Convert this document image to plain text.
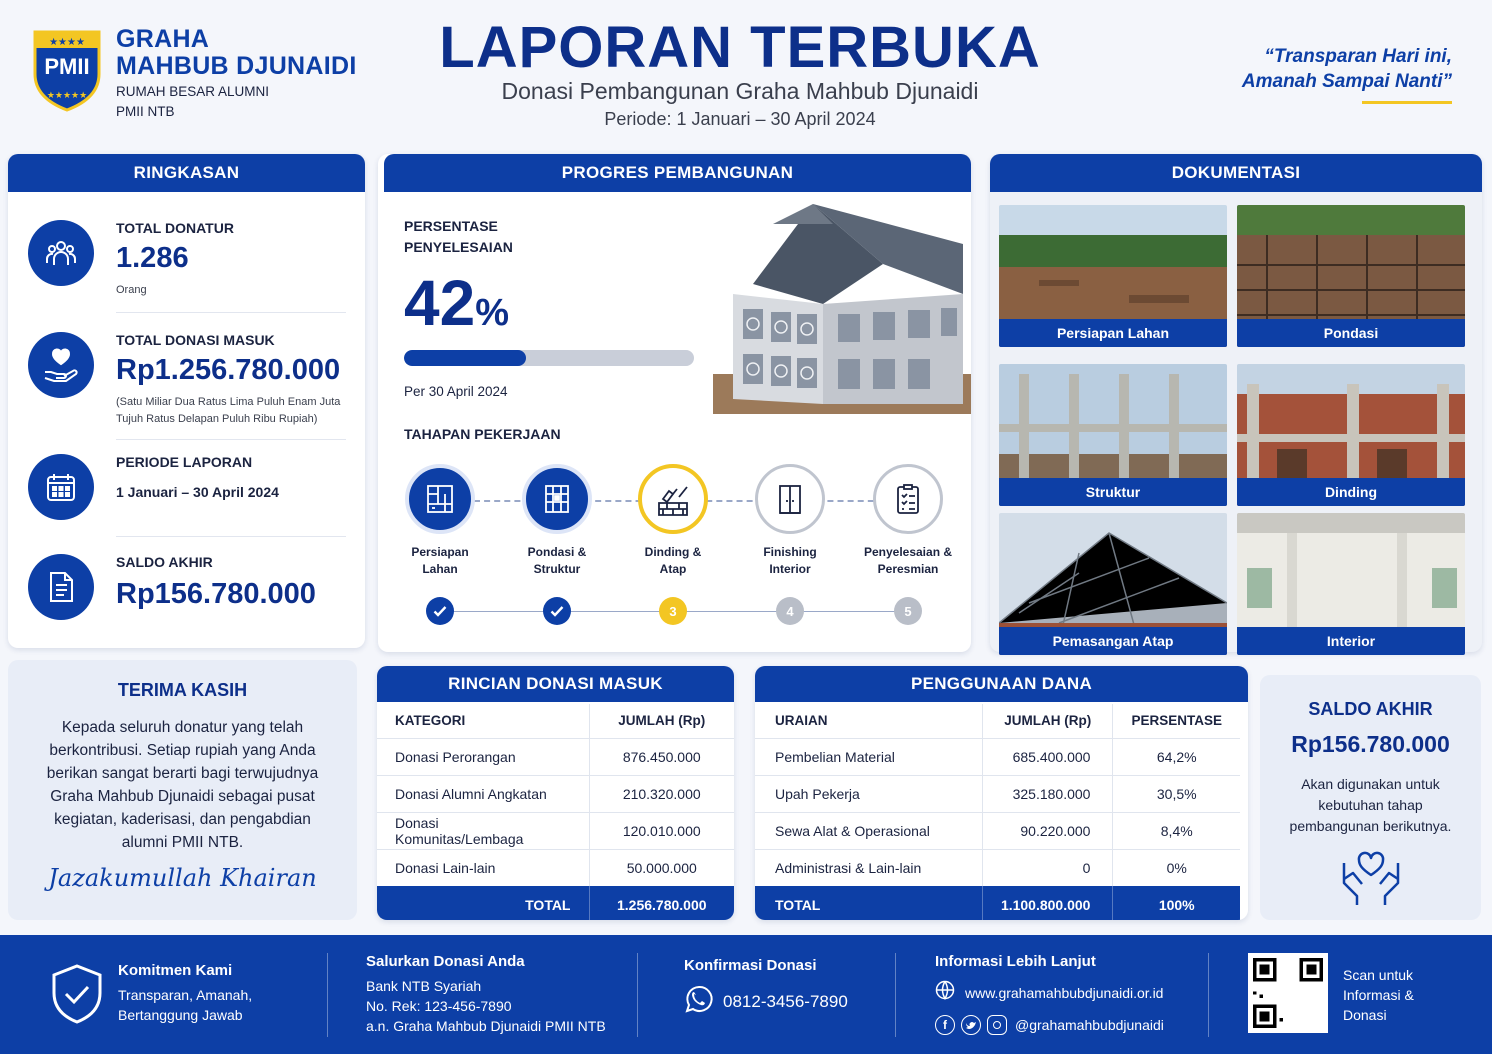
★★★★
★★★★★
PMII
GRAHA
MAHBUB DJUNAIDI
RUMAH BESAR ALUMNI
PMII NTB
LAPORAN TERBUKA
Donasi Pembangunan Graha Mahbub Djunaidi
Periode: 1 Januari – 30 April 2024
“Transparan Hari ini,
Amanah Sampai Nanti”
RINGKASAN
TOTAL DONATUR
1.286
Orang
TOTAL DONASI MASUK
Rp1.256.780.000
(Satu Miliar Dua Ratus Lima Puluh Enam Juta Tujuh Ratus Delapan Puluh Ribu Rupiah)
PERIODE LAPORAN
1 Januari – 30 April 2024
SALDO AKHIR
Rp156.780.000
PROGRES PEMBANGUNAN
PERSENTASE
PENYELESAIAN
42%
Per 30 April 2024
TAHAPAN PEKERJAAN
Persiapan
Lahan
Pondasi &
Struktur
Dinding &
Atap
3
Finishing
Interior
4
Penyelesaian &
Peresmian
5
DOKUMENTASI
Persiapan Lahan	Pondasi
Struktur	Dinding
Pemasangan Atap	Interior
TERIMA KASIH
Kepada seluruh donatur yang telah berkontribusi. Setiap rupiah yang Anda berikan sangat berarti bagi terwujudnya Graha Mahbub Djunaidi sebagai pusat kegiatan, kaderisasi, dan pengabdian alumni PMII NTB.
Jazakumullah Khairan
RINCIAN DONASI MASUK
KATEGORI	JUMLAH (Rp)
Donasi Perorangan	876.450.000
Donasi Alumni Angkatan	210.320.000
Donasi Komunitas/Lembaga	120.010.000
Donasi Lain-lain	50.000.000
TOTAL	1.256.780.000
PENGGUNAAN DANA
URAIAN	JUMLAH (Rp)	PERSENTASE
Pembelian Material	685.400.000	64,2%
Upah Pekerja	325.180.000	30,5%
Sewa Alat & Operasional	90.220.000	8,4%
Administrasi & Lain-lain	0	0%
TOTAL	1.100.800.000	100%
SALDO AKHIR
Rp156.780.000
Akan digunakan untuk kebutuhan tahap pembangunan berikutnya.
Komitmen Kami
Transparan, Amanah,
Bertanggung Jawab
Salurkan Donasi Anda
Bank NTB Syariah
No. Rek: 123-456-7890
a.n. Graha Mahbub Djunaidi PMII NTB
Konfirmasi Donasi
0812-3456-7890
Informasi Lebih Lanjut
www.grahamahbubdjunaidi.or.id
f	@grahamahbubdjunaidi
Scan untuk
Informasi &
Donasi
